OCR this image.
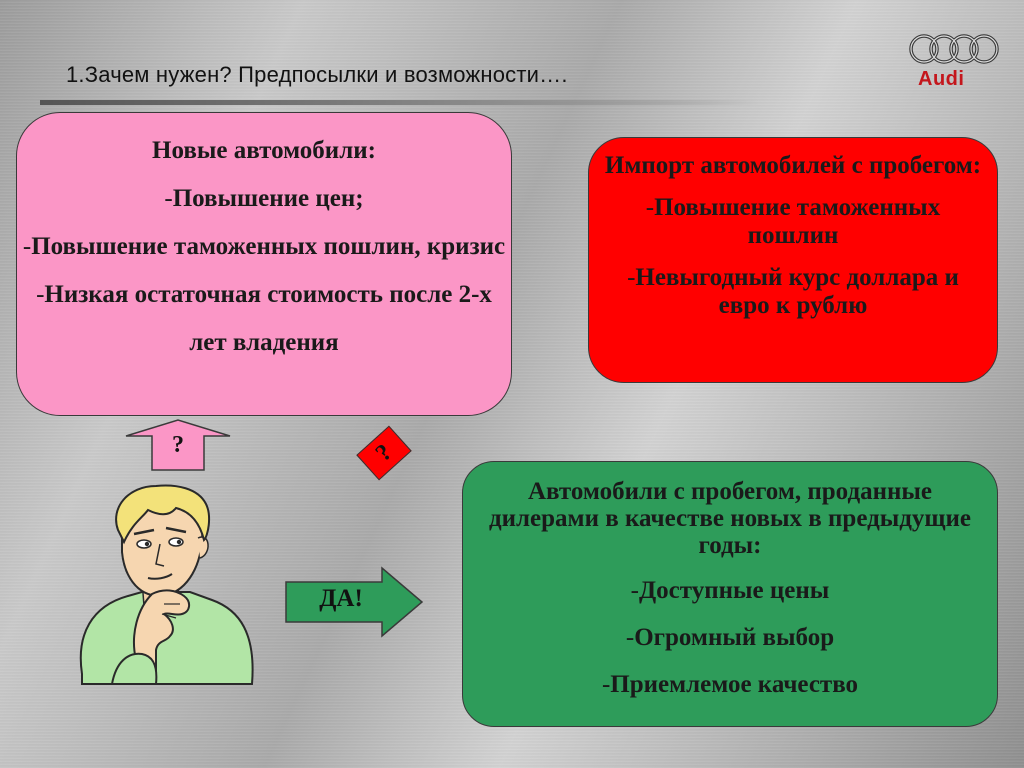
1.Зачем нужен? Предпосылки и возможности….	Audi

Новые автомобили:

-Повышение цен;

-Повышение таможенных пошлин, кризис

-Низкая остаточная стоимость после 2-х лет владения

Импорт автомобилей с пробегом:

-Повышение таможенных пошлин

-Невыгодный курс доллара и евро к рублю

Автомобили с пробегом, проданные дилерами в качестве новых в предыдущие годы:

-Доступные цены

-Огромный выбор

-Приемлемое качество

?	?
ДА!
